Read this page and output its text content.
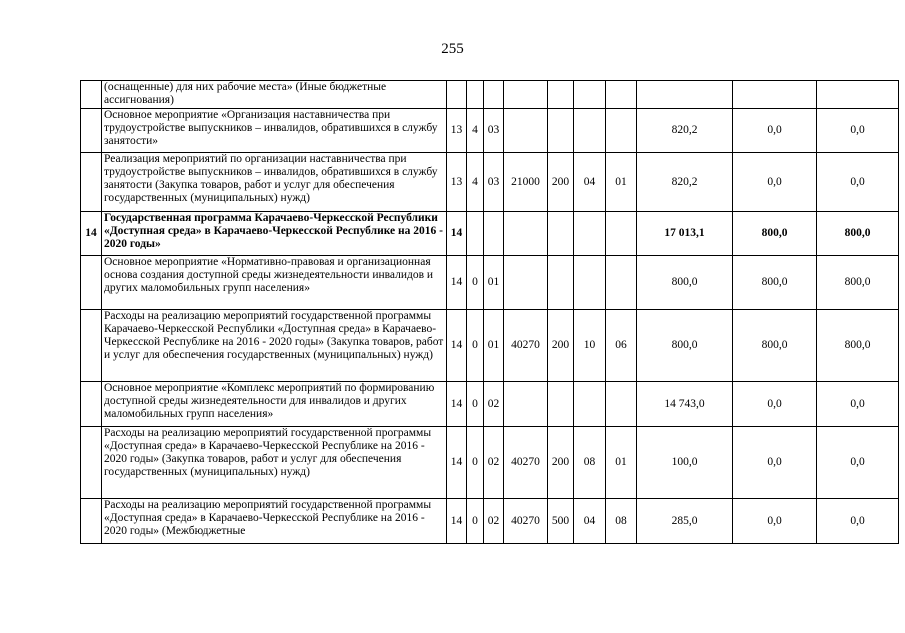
255
	(оснащенные) для них рабочие места» (Иные бюджетные ассигнования)										
	Основное мероприятие «Организация наставничества при трудоустройстве выпускников – инвалидов, обратившихся в службу занятости»	13	4	03					820,2	0,0	0,0
	Реализация мероприятий по организации наставничества при трудоустройстве выпускников – инвалидов, обратившихся в службу занятости (Закупка товаров, работ и услуг для обеспечения государственных (муниципальных) нужд)	13	4	03	21000	200	04	01	820,2	0,0	0,0
14	Государственная программа Карачаево-Черкесской Республики «Доступная среда» в Карачаево-Черкесской Республике на 2016 - 2020 годы»	14							17 013,1	800,0	800,0
	Основное мероприятие «Нормативно-правовая и организационная основа создания доступной среды жизнедеятельности инвалидов и других маломобильных групп населения»	14	0	01					800,0	800,0	800,0
	Расходы на реализацию мероприятий государственной программы Карачаево-Черкесской Республики «Доступная среда» в Карачаево-Черкесской Республике на 2016 - 2020 годы» (Закупка товаров, работ и услуг для обеспечения государственных (муниципальных) нужд)	14	0	01	40270	200	10	06	800,0	800,0	800,0
	Основное мероприятие «Комплекс мероприятий по формированию доступной среды жизнедеятельности для инвалидов и других маломобильных групп населения»	14	0	02					14 743,0	0,0	0,0
	Расходы на реализацию мероприятий государственной программы «Доступная среда» в Карачаево-Черкесской Республике на 2016 - 2020 годы» (Закупка товаров, работ и услуг для обеспечения государственных (муниципальных) нужд)	14	0	02	40270	200	08	01	100,0	0,0	0,0
	Расходы на реализацию мероприятий государственной программы «Доступная среда» в Карачаево-Черкесской Республике на 2016 - 2020 годы» (Межбюджетные	14	0	02	40270	500	04	08	285,0	0,0	0,0
